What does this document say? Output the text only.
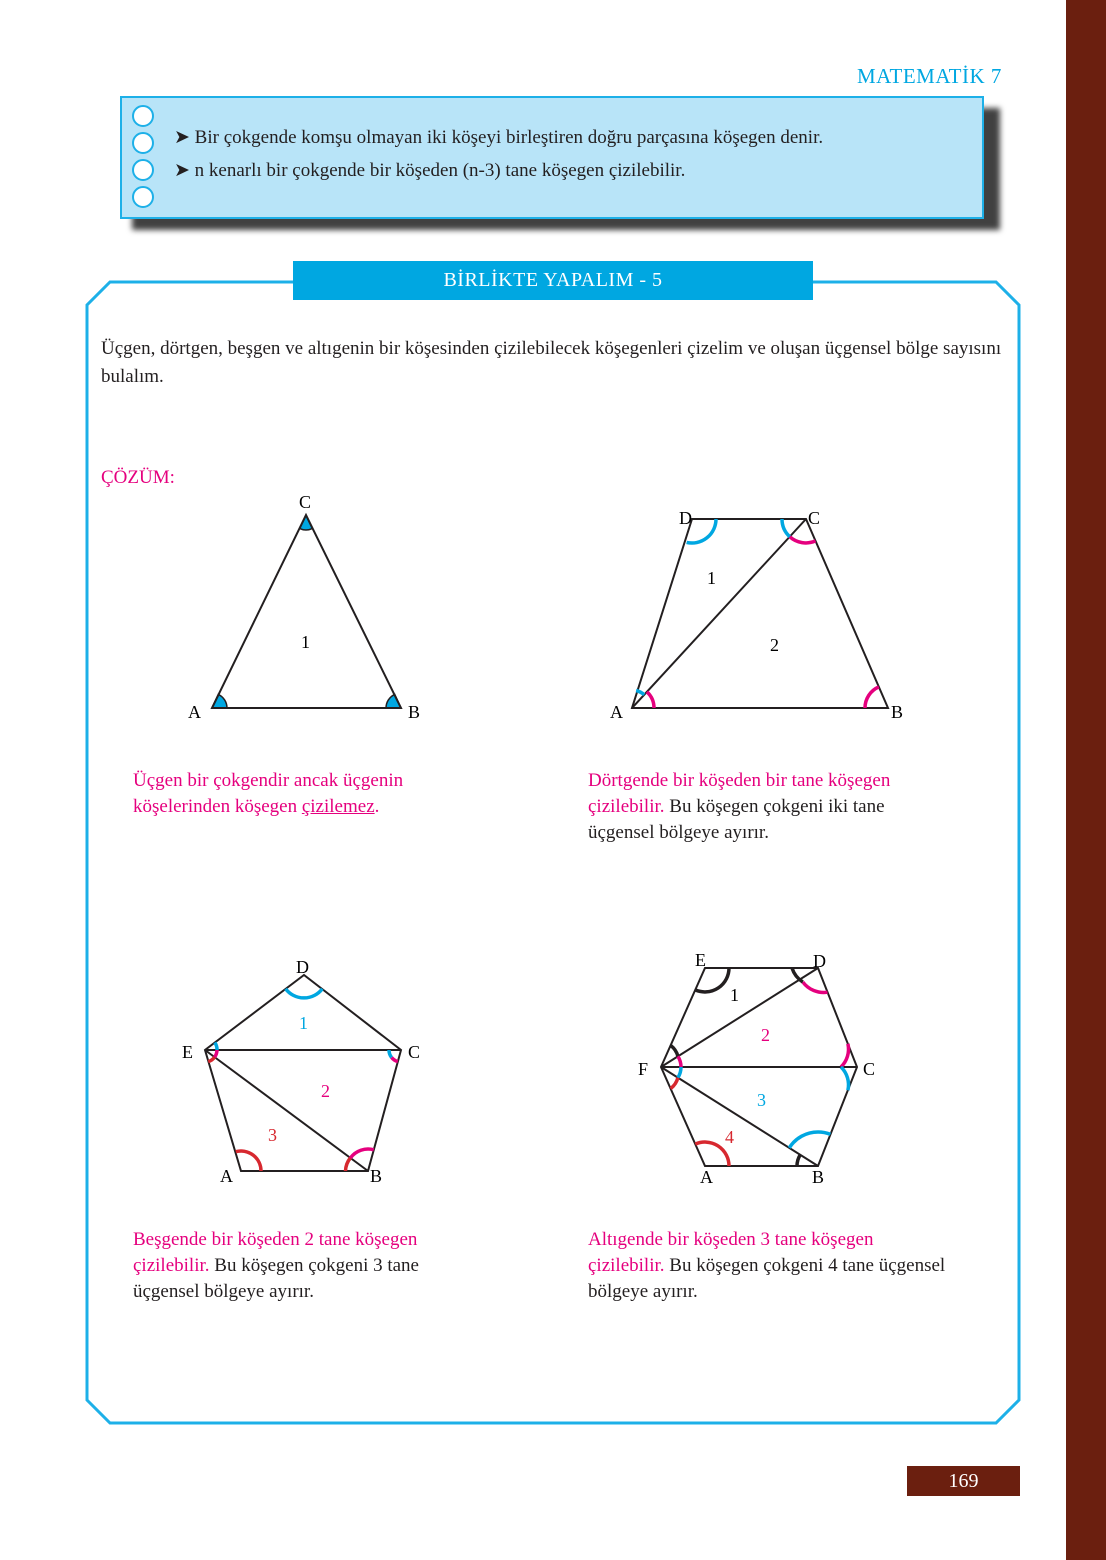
MATEMATİK 7
➤ Bir çokgende komşu olmayan iki köşeyi birleştiren doğru parçasına köşegen denir.
➤ n kenarlı bir çokgende bir köşeden (n-3) tane köşegen çizilebilir.
BİRLİKTE YAPALIM - 5
Üçgen, dörtgen, beşgen ve altıgenin bir köşesinden çizilebilecek köşegenleri çizelim ve oluşan üçgensel bölge sayısını bulalım.
ÇÖZÜM:
A	B
C
1
Üçgen bir çokgendir ancak üçgenin köşelerinden köşegen çizilemez.
A	B
C
D
1
2
Dörtgende bir köşeden bir tane köşegen çizilebilir. Bu köşegen çokgeni iki tane üçgensel bölgeye ayırır.
A	B
C
D
E
1
2
3
Beşgende bir köşeden 2 tane köşegen çizilebilir. Bu köşegen çokgeni 3 tane üçgensel bölgeye ayırır.
A	B
C
D
E
F
1
2
3
4
Altıgende bir köşeden 3 tane köşegen çizilebilir. Bu köşegen çokgeni 4 tane üçgensel bölgeye ayırır.
169
